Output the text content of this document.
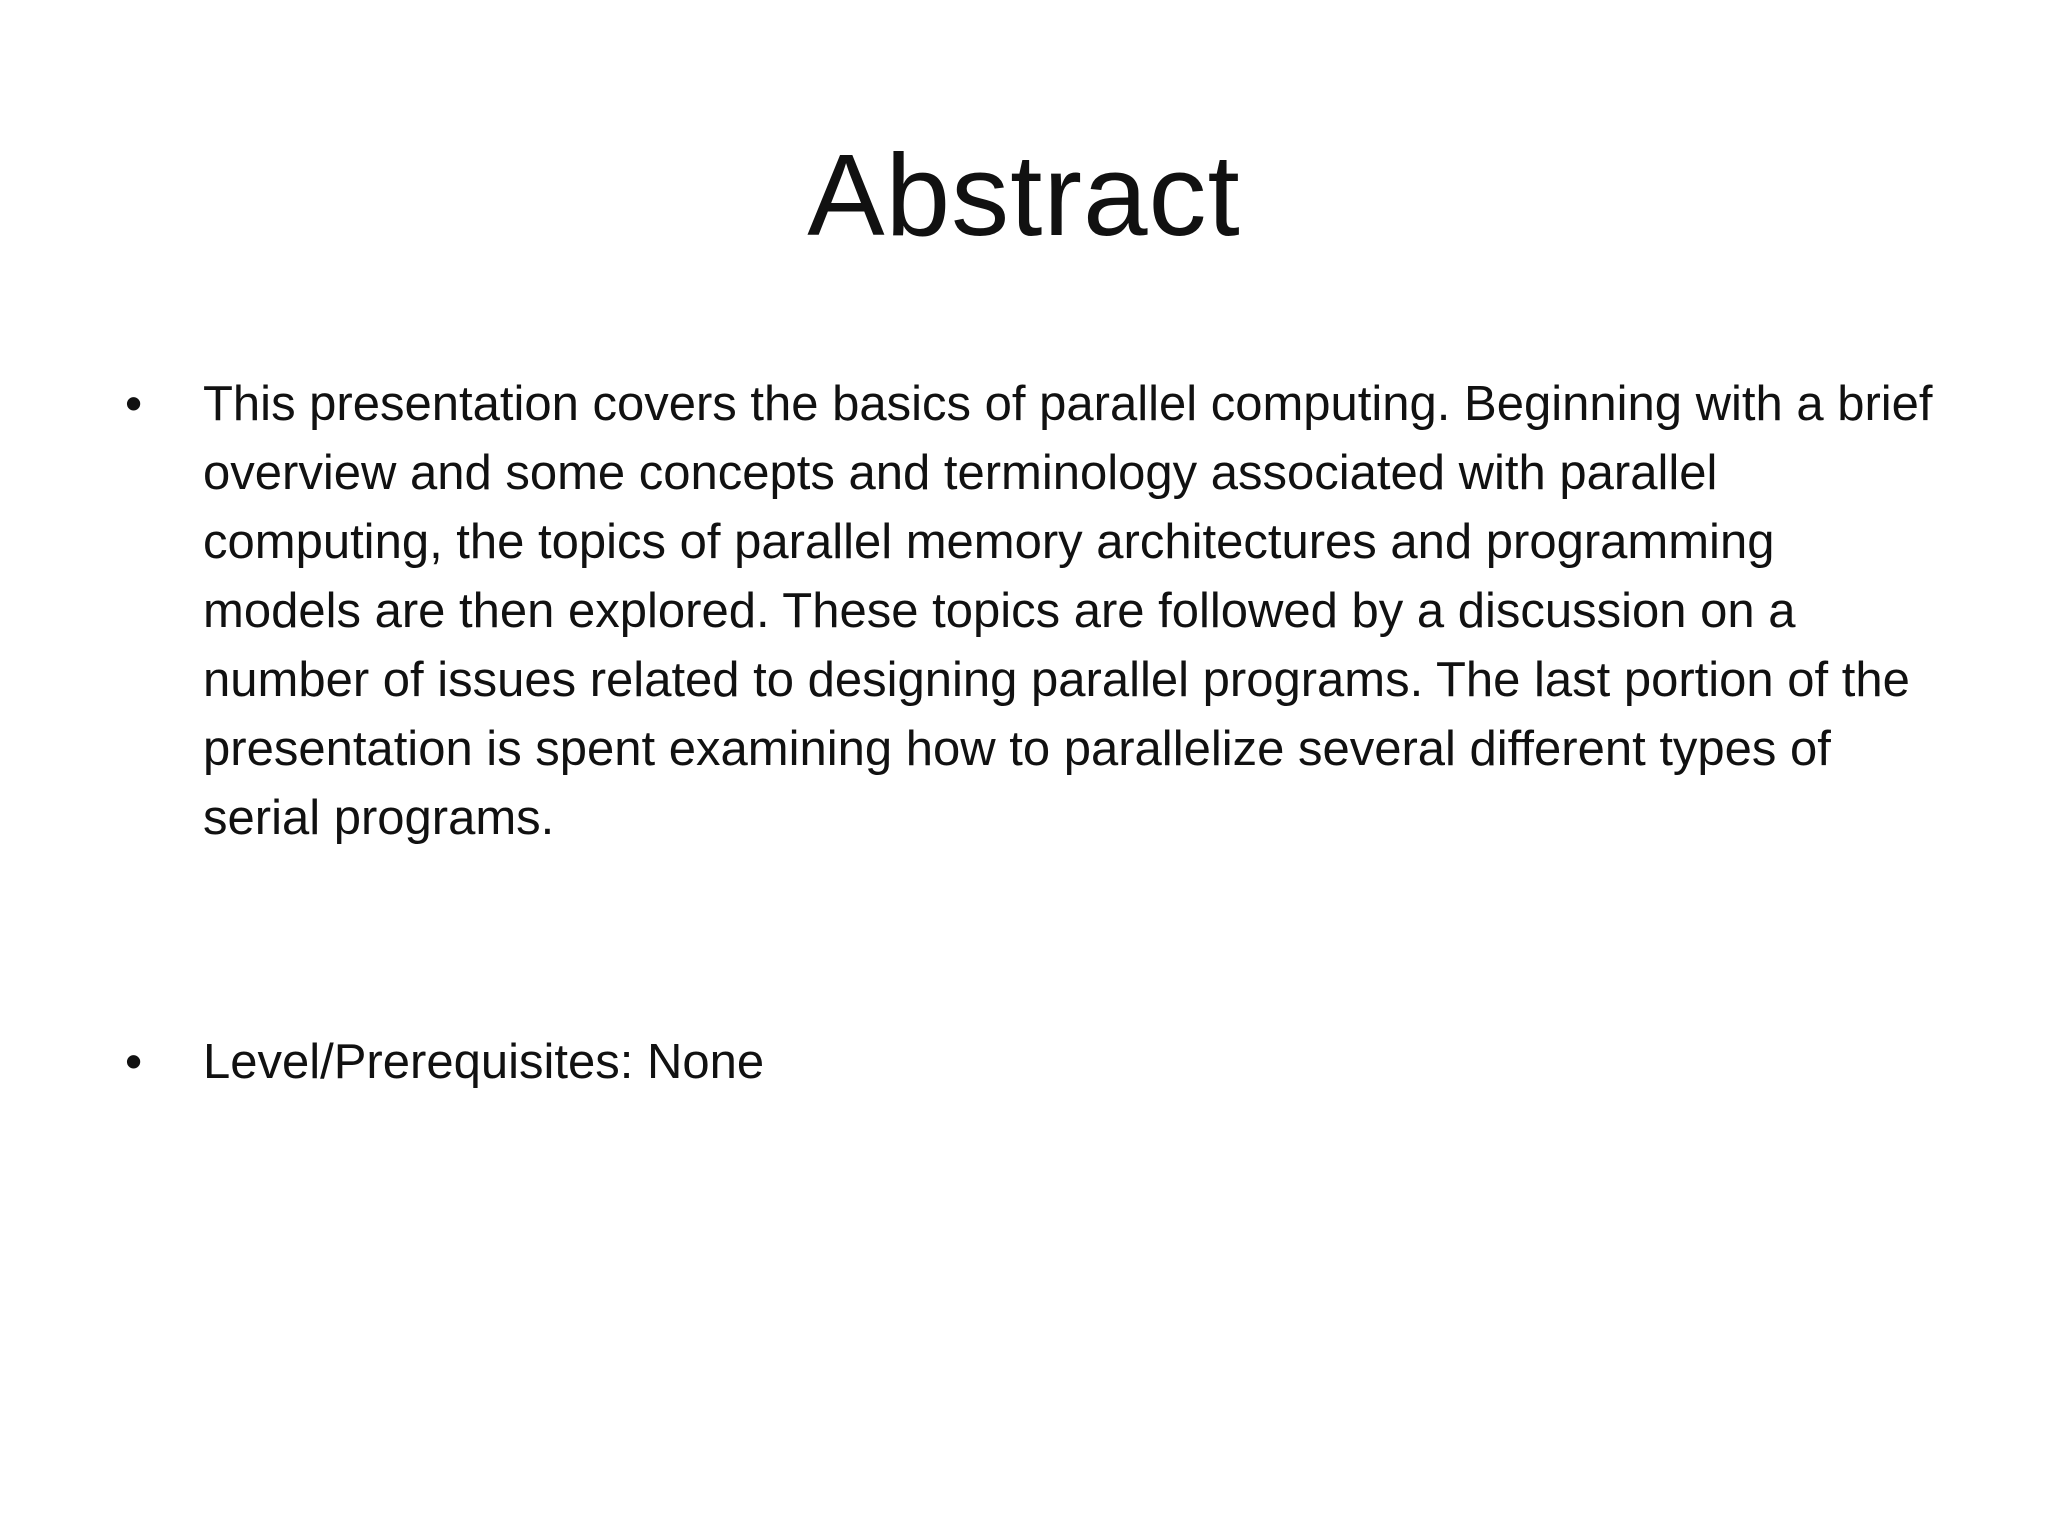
Abstract
•	This presentation covers the basics of parallel computing. Beginning with a brief overview and some concepts and terminology associated with parallel computing, the topics of parallel memory architectures and programming models are then explored. These topics are followed by a discussion on a number of issues related to designing parallel programs. The last portion of the presentation is spent examining how to parallelize several different types of serial programs.
•	Level/Prerequisites: None
